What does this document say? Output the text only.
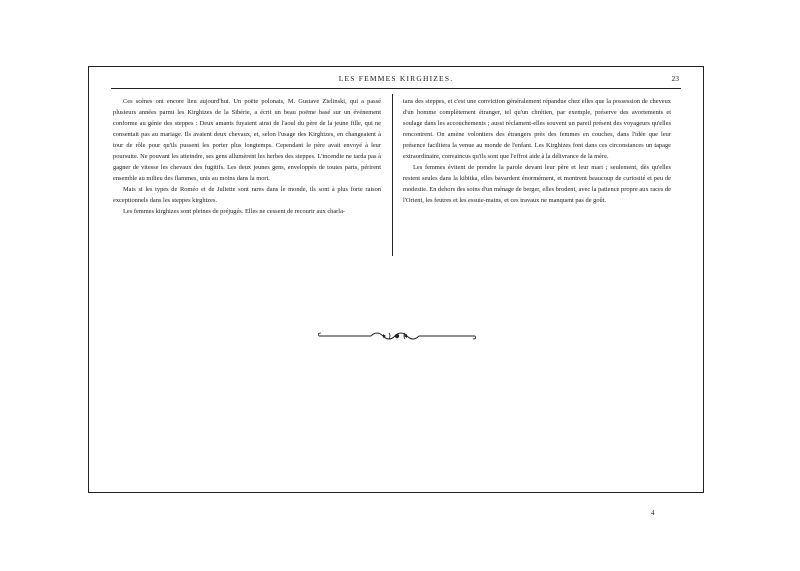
LES FEMMES KIRGHIZES.	23

Ces scènes ont encore lieu aujourd'hui. Un poëte polonais, M. Gustave Zielinski, qui a passé plusieurs années parmi les Kirghizes de la Sibérie, a écrit un beau poëme basé sur un événement conforme au génie des steppes : Deux amants fuyaient ainsi de l'aoul du père de la jeune fille, qui ne consentait pas au mariage. Ils avaient deux chevaux, et, selon l'usage des Kirghizes, en changeaient à tour de rôle pour qu'ils pussent les porter plus longtemps. Cependant le père avait envoyé à leur poursuite. Ne pouvant les atteindre, ses gens allumèrent les herbes des steppes. L'incendie ne tarda pas à gagner de vitesse les chevaux des fugitifs. Les deux jeunes gens, enveloppés de toutes parts, périrent ensemble au milieu des flammes, unis au moins dans la mort.

Mais si les types de Roméo et de Juliette sont rares dans le monde, ils sont à plus forte raison exceptionnels dans les steppes kirghizes.

Les femmes kirghizes sont pleines de préjugés. Elles ne cessent de recourir aux charla-

tans des steppes, et c'est une conviction généralement répandue chez elles que la possession de cheveux d'un homme complètement étranger, tel qu'un chrétien, par exemple, préserve des avortements et soulage dans les accouchements ; aussi réclament-elles souvent un pareil présent des voyageurs qu'elles rencontrent. On amène volontiers des étrangers près des femmes en couches, dans l'idée que leur présence facilitera la venue au monde de l'enfant. Les Kirghizes font dans ces circonstances un tapage extraordinaire, convaincus qu'ils sont que l'effroi aide à la délivrance de la mère.

Les femmes évitent de prendre la parole devant leur père et leur mari ; seulement, dès qu'elles restent seules dans la kibitka, elles bavardent énormément, et montrent beaucoup de curiosité et peu de modestie. En dehors des soins d'un ménage de berger, elles brodent, avec la patience propre aux races de l'Orient, les feutres et les essuie-mains, et ces travaux ne manquent pas de goût.

4
